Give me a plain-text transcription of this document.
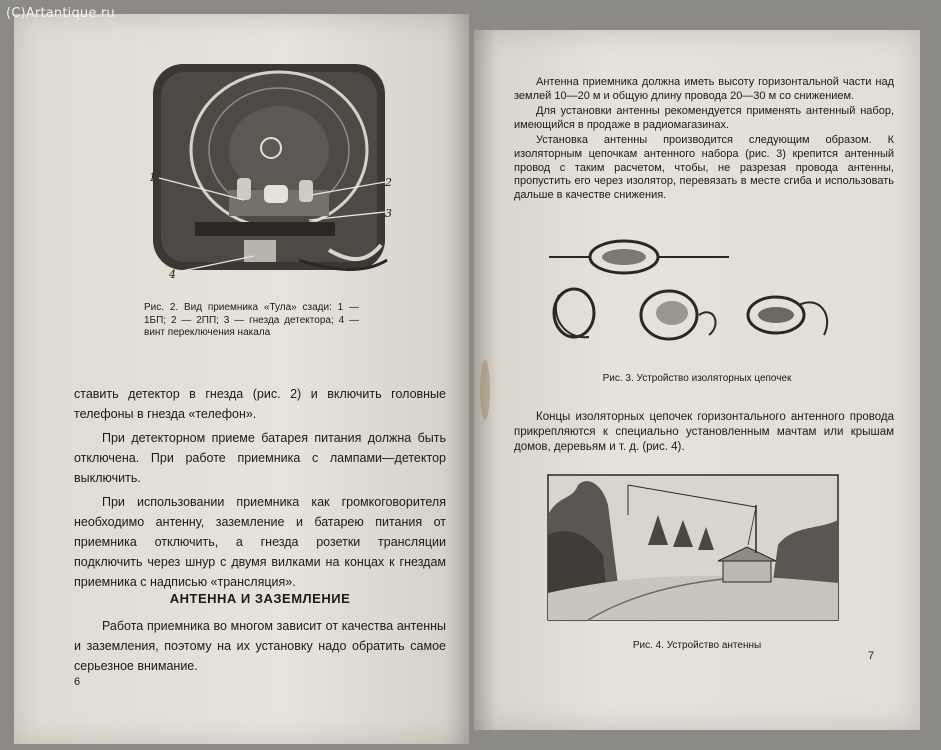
(C)Artantique.ru
1	2
3
4
Рис. 2. Вид приемника «Тула» сзади: 1 — 1БП; 2 — 2ПП; 3 — гнезда детектора; 4 — винт переключения накала

ставить детектор в гнезда (рис. 2) и включить головные телефоны в гнезда «телефон».

При детекторном приеме батарея питания должна быть отключена. При работе приемника с лампами—детектор выключить.

При использовании приемника как громкоговорителя необходимо антенну, заземление и батарею питания от приемника отключить, а гнезда розетки трансляции подключить через шнур с двумя вилками на концах к гнездам приемника с надписью «трансляция».

АНТЕННА И ЗАЗЕМЛЕНИЕ

Работа приемника во многом зависит от качества антенны и заземления, поэтому на их установку надо обратить самое серьезное внимание.

6

Антенна приемника должна иметь высоту горизонтальной части над землей 10—20 м и общую длину провода 20—30 м со снижением.

Для установки антенны рекомендуется применять антенный набор, имеющийся в продаже в радиомагазинах.

Установка антенны производится следующим образом. К изоляторным цепочкам антенного набора (рис. 3) крепится антенный провод с таким расчетом, чтобы, не разрезая провода антенны, пропустить его через изолятор, перевязать в месте сгиба и использовать дальше в качестве снижения.

Рис. 3. Устройство изоляторных цепочек

Концы изоляторных цепочек горизонтального антенного провода прикрепляются к специально установленным мачтам или крышам домов, деревьям и т. д. (рис. 4).

Рис. 4. Устройство антенны
7
